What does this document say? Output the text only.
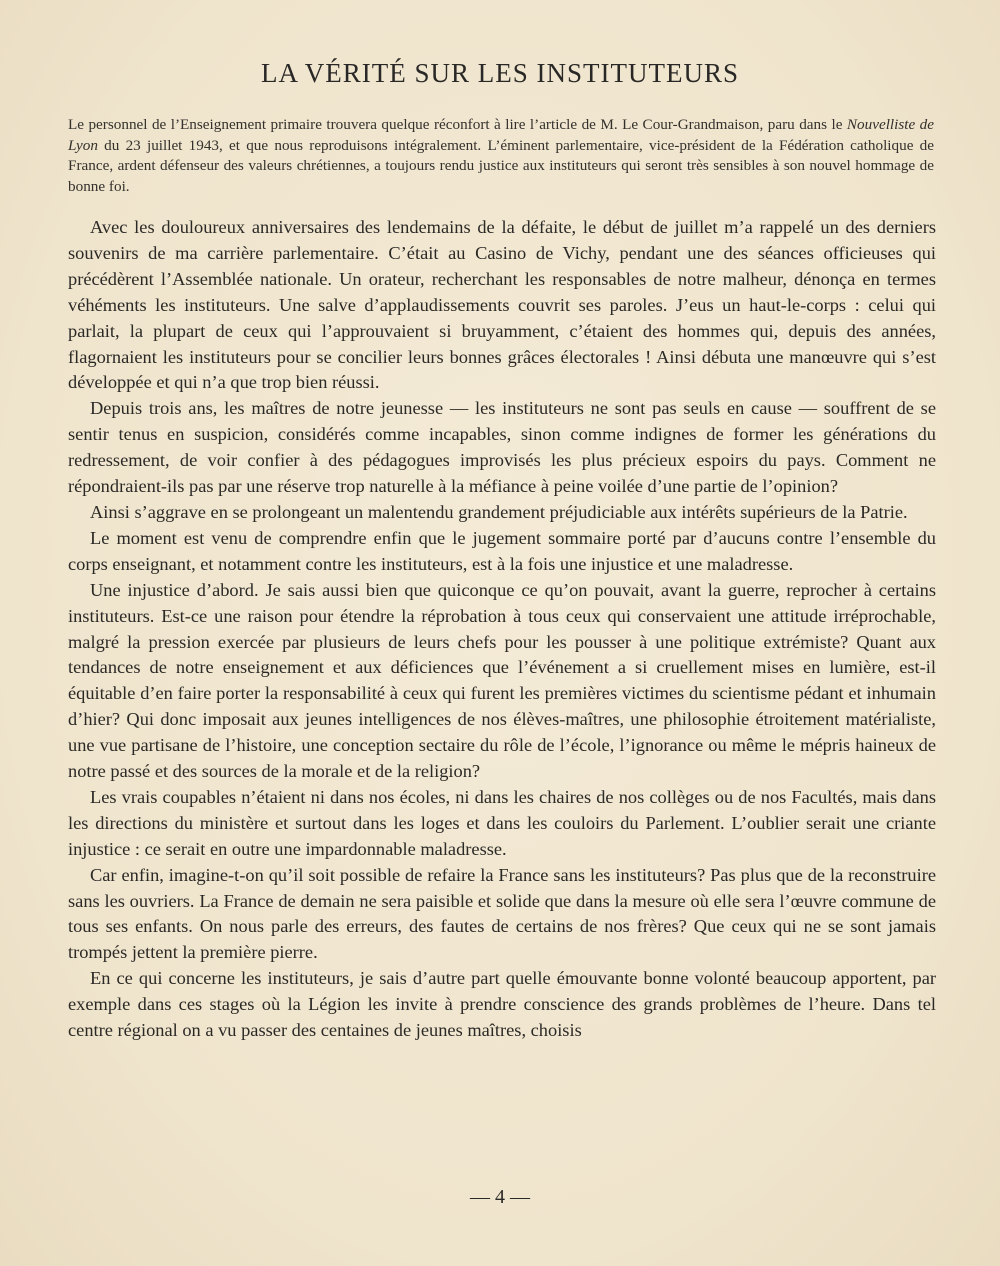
LA VÉRITÉ SUR LES INSTITUTEURS

Le personnel de l’Enseignement primaire trouvera quelque réconfort à lire l’article de M. Le Cour-Grandmaison, paru dans le Nouvelliste de Lyon du 23 juillet 1943, et que nous reproduisons intégralement. L’éminent parlementaire, vice-président de la Fédération catholique de France, ardent défenseur des valeurs chrétiennes, a toujours rendu justice aux instituteurs qui seront très sensibles à son nouvel hommage de bonne foi.

Avec les douloureux anniversaires des lendemains de la défaite, le début de juillet m’a rappelé un des derniers souvenirs de ma carrière parlementaire. C’était au Casino de Vichy, pendant une des séances officieuses qui précédèrent l’Assemblée nationale. Un orateur, recherchant les responsables de notre malheur, dénonça en termes véhéments les instituteurs. Une salve d’applaudissements couvrit ses paroles. J’eus un haut-le-corps : celui qui parlait, la plupart de ceux qui l’approuvaient si bruyamment, c’étaient des hommes qui, depuis des années, flagornaient les instituteurs pour se concilier leurs bonnes grâces électorales ! Ainsi débuta une manœuvre qui s’est développée et qui n’a que trop bien réussi.

Depuis trois ans, les maîtres de notre jeunesse — les instituteurs ne sont pas seuls en cause — souffrent de se sentir tenus en suspicion, considérés comme incapables, sinon comme indignes de former les générations du redressement, de voir confier à des pédagogues improvisés les plus précieux espoirs du pays. Comment ne répondraient-ils pas par une réserve trop naturelle à la méfiance à peine voilée d’une partie de l’opinion?

Ainsi s’aggrave en se prolongeant un malentendu grandement préjudiciable aux intérêts supérieurs de la Patrie.

Le moment est venu de comprendre enfin que le jugement sommaire porté par d’aucuns contre l’ensemble du corps enseignant, et notamment contre les instituteurs, est à la fois une injustice et une maladresse.

Une injustice d’abord. Je sais aussi bien que quiconque ce qu’on pouvait, avant la guerre, reprocher à certains instituteurs. Est-ce une raison pour étendre la réprobation à tous ceux qui conservaient une attitude irréprochable, malgré la pression exercée par plusieurs de leurs chefs pour les pousser à une politique extrémiste? Quant aux tendances de notre enseignement et aux déficiences que l’événement a si cruellement mises en lumière, est-il équitable d’en faire porter la responsabilité à ceux qui furent les premières victimes du scientisme pédant et inhumain d’hier? Qui donc imposait aux jeunes intelligences de nos élèves-maîtres, une philosophie étroitement matérialiste, une vue partisane de l’histoire, une conception sectaire du rôle de l’école, l’ignorance ou même le mépris haineux de notre passé et des sources de la morale et de la religion?

Les vrais coupables n’étaient ni dans nos écoles, ni dans les chaires de nos collèges ou de nos Facultés, mais dans les directions du ministère et surtout dans les loges et dans les couloirs du Parlement. L’oublier serait une criante injustice : ce serait en outre une impardonnable maladresse.

Car enfin, imagine-t-on qu’il soit possible de refaire la France sans les instituteurs? Pas plus que de la reconstruire sans les ouvriers. La France de demain ne sera paisible et solide que dans la mesure où elle sera l’œuvre commune de tous ses enfants. On nous parle des erreurs, des fautes de certains de nos frères? Que ceux qui ne se sont jamais trompés jettent la première pierre.

En ce qui concerne les instituteurs, je sais d’autre part quelle émouvante bonne volonté beaucoup apportent, par exemple dans ces stages où la Légion les invite à prendre conscience des grands problèmes de l’heure. Dans tel centre régional on a vu passer des centaines de jeunes maîtres, choisis

— 4 —
